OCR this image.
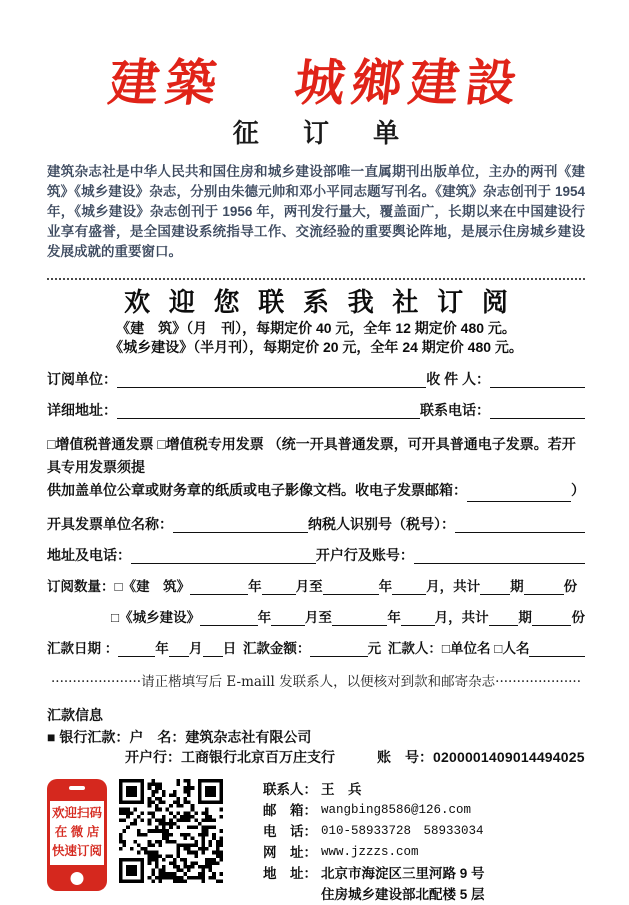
建築 城鄉建設
征订单

建筑杂志社是中华人民共和国住房和城乡建设部唯一直属期刊出版单位，主办的两刊《建筑》《城乡建设》杂志，分别由朱德元帅和邓小平同志题写刊名。《建筑》杂志创刊于 1954 年，《城乡建设》杂志创刊于 1956 年，两刊发行量大，覆盖面广，长期以来在中国建设行业享有盛誉，是全国建设系统指导工作、交流经验的重要舆论阵地，是展示住房城乡建设发展成就的重要窗口。

欢迎您联系我社订阅
《建　筑》（月　刊），每期定价 40 元，全年 12 期定价 480 元。
《城乡建设》（半月刊），每期定价 20 元，全年 24 期定价 480 元。
订阅单位：	收 件 人：
详细地址：	联系电话：
□增值税普通发票 □增值税专用发票 （统一开具普通发票，可开具普通电子发票。若开具专用发票须提
供加盖单位公章或财务章的纸质或电子影像文档。收电子发票邮箱：	）
开具发票单位名称：	纳税人识别号（税号）：
地址及电话：	开户行及账号：
订阅数量： □《建　筑》	年	月至	年	月，共计 期	份
□《城乡建设》	年 月至	年 月，共计 期	份
汇款日期 ：	年 月 日 汇款金额：	元 汇款人：□单位名 □人名
·····················请正楷填写后 E-maill 发联系人，以便核对到款和邮寄杂志····················
汇款信息
■ 银行汇款：户　名：建筑杂志社有限公司
开户行：工商银行北京百万庄支行	账　号： 0200001409014494025
欢迎扫码
在 微 店
快速订阅
联系人： 王　兵
邮　箱： wangbing8586@126.com
电　话： 010-58933728　58933034
网　址： www.jzzzs.com
地　址： 北京市海淀区三里河路 9 号
住房城乡建设部北配楼 5 层
